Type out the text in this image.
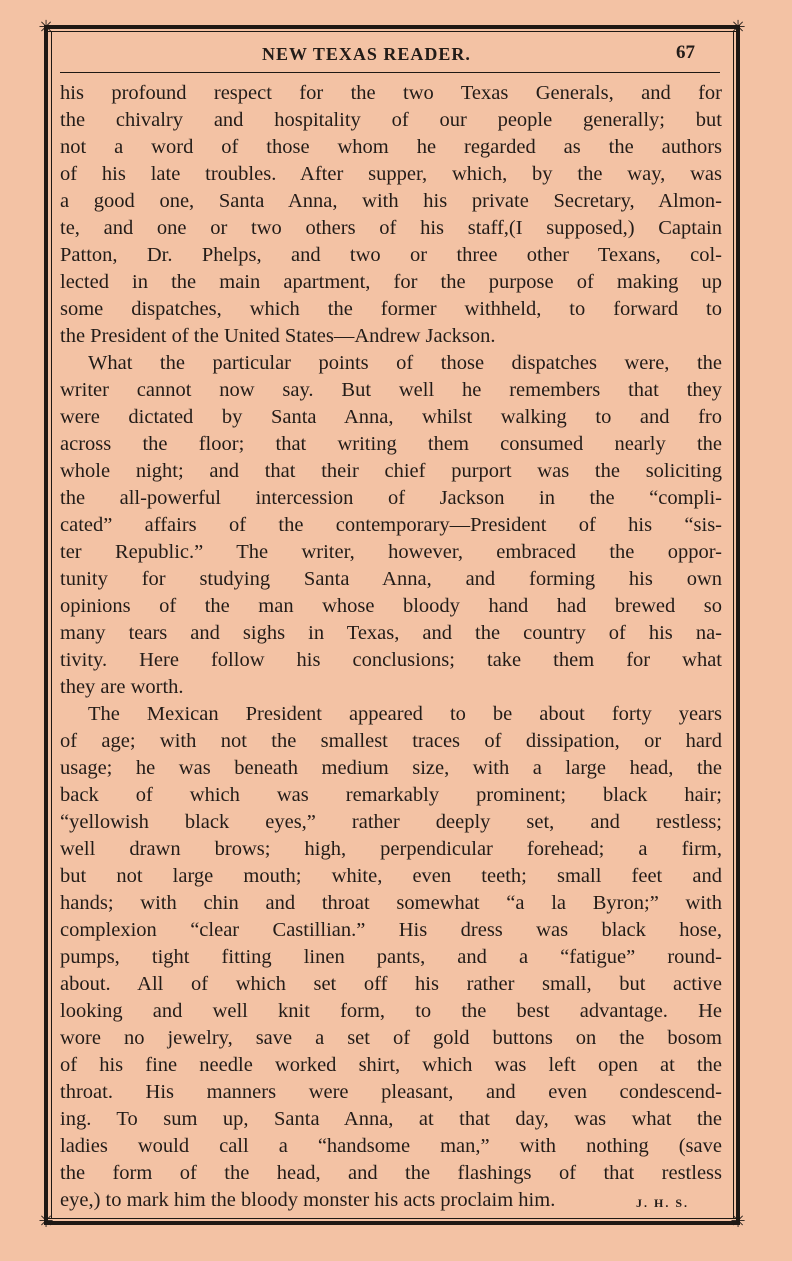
✳	✳
✳	✳
NEW TEXAS READER.	67
his profound respect for the two Texas Generals, and for
the chivalry and hospitality of our people generally; but
not a word of those whom he regarded as the authors
of his late troubles. After supper, which, by the way, was
a good one, Santa Anna, with his private Secretary, Almon-
te, and one or two others of his staff,(I supposed,) Captain
Patton, Dr. Phelps, and two or three other Texans, col-
lected in the main apartment, for the purpose of making up
some dispatches, which the former withheld, to forward to
the President of the United States—Andrew Jackson.
What the particular points of those dispatches were, the
writer cannot now say. But well he remembers that they
were dictated by Santa Anna, whilst walking to and fro
across the floor; that writing them consumed nearly the
whole night; and that their chief purport was the soliciting
the all-powerful intercession of Jackson in the “compli-
cated” affairs of the contemporary—President of his “sis-
ter Republic.” The writer, however, embraced the oppor-
tunity for studying Santa Anna, and forming his own
opinions of the man whose bloody hand had brewed so
many tears and sighs in Texas, and the country of his na-
tivity. Here follow his conclusions; take them for what
they are worth.
The Mexican President appeared to be about forty years
of age; with not the smallest traces of dissipation, or hard
usage; he was beneath medium size, with a large head, the
back of which was remarkably prominent; black hair;
“yellowish black eyes,” rather deeply set, and restless;
well drawn brows; high, perpendicular forehead; a firm,
but not large mouth; white, even teeth; small feet and
hands; with chin and throat somewhat “a la Byron;” with
complexion “clear Castillian.” His dress was black hose,
pumps, tight fitting linen pants, and a “fatigue” round-
about. All of which set off his rather small, but active
looking and well knit form, to the best advantage. He
wore no jewelry, save a set of gold buttons on the bosom
of his fine needle worked shirt, which was left open at the
throat. His manners were pleasant, and even condescend-
ing. To sum up, Santa Anna, at that day, was what the
ladies would call a “handsome man,” with nothing (save
the form of the head, and the flashings of that restless
eye,) to mark him the bloody monster his acts proclaim him.	J. H. S.
